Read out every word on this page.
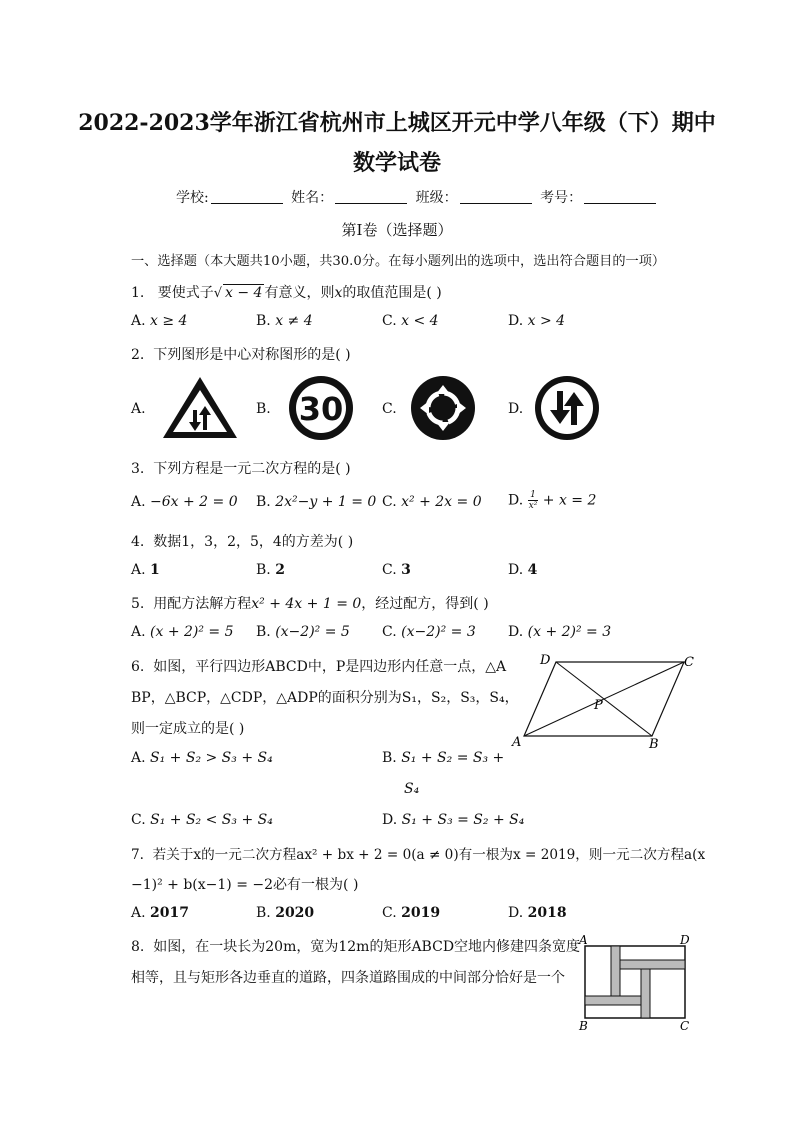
2022-2023学年浙江省杭州市上城区开元中学八年级（下）期中
数学试卷
学校:	姓名：	班级：	考号：
第I卷（选择题）
一、选择题（本大题共10小题，共30.0分。在每小题列出的选项中，选出符合题目的一项）
1. 要使式子√ x − 4 有意义，则x的取值范围是( )
A. x ≥ 4	B. x ≠ 4	C. x < 4	D. x > 4
2. 下列图形是中心对称图形的是( )
A.	B. 30	C.	D.
3. 下列方程是一元二次方程的是( )
A. −6x + 2 = 0 B. 2x²−y + 1 = 0 C. x² + 2x = 0 D. $\frac{1}{\text{x²}} + x = 2$
4. 数据1，3，2，5，4的方差为( )
A. 1	B. 2	C. 3	D. 4
5. 用配方法解方程x² + 4x + 1 = 0，经过配方，得到( )
A. (x + 2)² = 5 B. (x−2)² = 5 C. (x−2)² = 3 D. (x + 2)² = 3
6. 如图，平行四边形ABCD中，P是四边形内任意一点，△A
BP，△BCP，△CDP，△ADP的面积分别为S₁，S₂，S₃，S₄，
则一定成立的是( )
A	B
C
D
P
A. S₁ + S₂ > S₃ + S₄	B. S₁ + S₂ = S₃ +
S₄
C. S₁ + S₂ < S₃ + S₄	D. S₁ + S₃ = S₂ + S₄
7. 若关于x的一元二次方程ax² + bx + 2 = 0(a ≠ 0)有一根为x = 2019，则一元二次方程a(x
−1)² + b(x−1) = −2必有一根为( )
A. 2017	B. 2020	C. 2019	D. 2018
8. 如图，在一块长为20m，宽为12m的矩形ABCD空地内修建四条宽度
相等，且与矩形各边垂直的道路，四条道路围成的中间部分恰好是一个
A	D
B	C
